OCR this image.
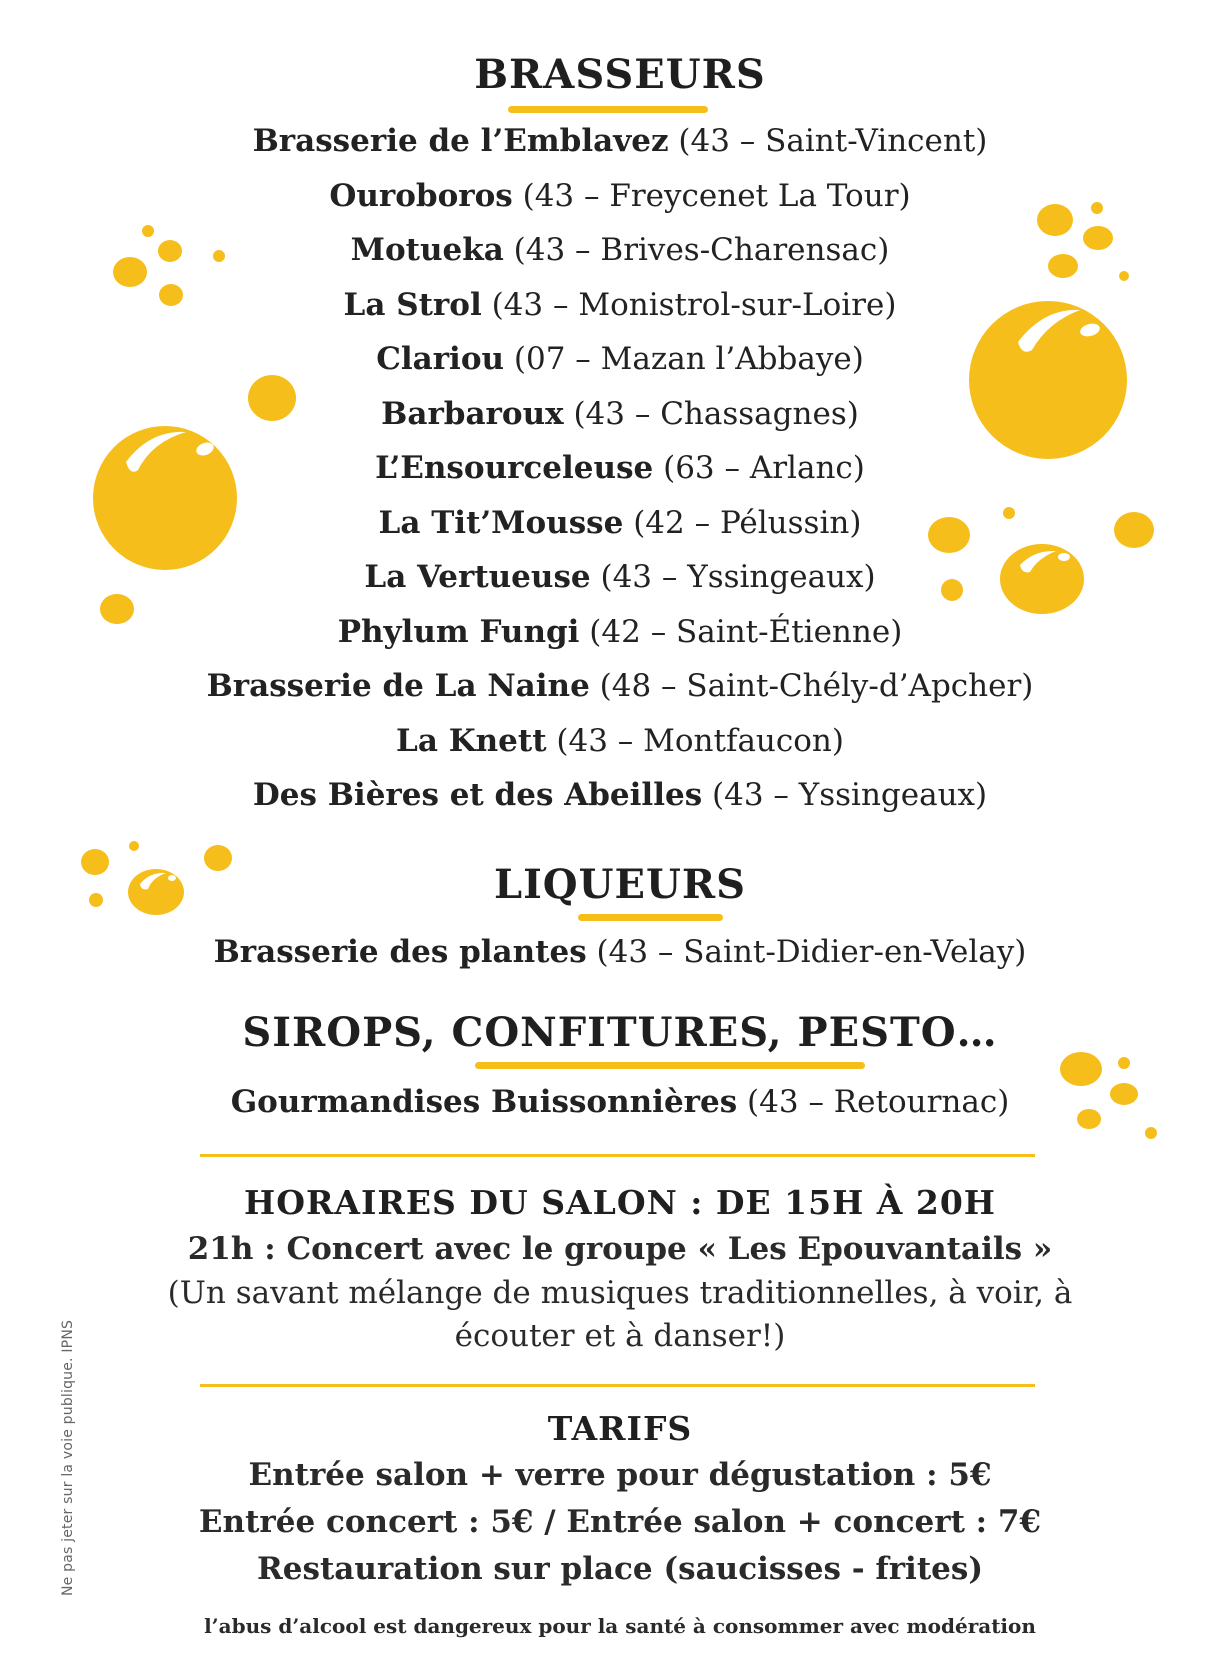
BRASSEURS

Brasserie de l’Emblavez (43 – Saint-Vincent)

Ouroboros (43 – Freycenet La Tour)

Motueka (43 – Brives-Charensac)

La Strol (43 – Monistrol-sur-Loire)

Clariou (07 – Mazan l’Abbaye)

Barbaroux (43 – Chassagnes)

L’Ensourceleuse (63 – Arlanc)

La Tit’Mousse (42 – Pélussin)

La Vertueuse (43 – Yssingeaux)

Phylum Fungi (42 – Saint-Étienne)

Brasserie de La Naine (48 – Saint-Chély-d’Apcher)

La Knett (43 – Montfaucon)

Des Bières et des Abeilles (43 – Yssingeaux)

LIQUEURS

Brasserie des plantes (43 – Saint-Didier-en-Velay)

SIROPS, CONFITURES, PESTO…

Gourmandises Buissonnières (43 – Retournac)

HORAIRES DU SALON : DE 15H À 20H

21h : Concert avec le groupe « Les Epouvantails »

(Un savant mélange de musiques traditionnelles, à voir, à

écouter et à danser!)

TARIFS

Entrée salon + verre pour dégustation : 5€

Entrée concert : 5€ / Entrée salon + concert : 7€

Restauration sur place (saucisses - frites)

l’abus d’alcool est dangereux pour la santé à consommer avec modération

Ne pas jeter sur la voie publique. IPNS
